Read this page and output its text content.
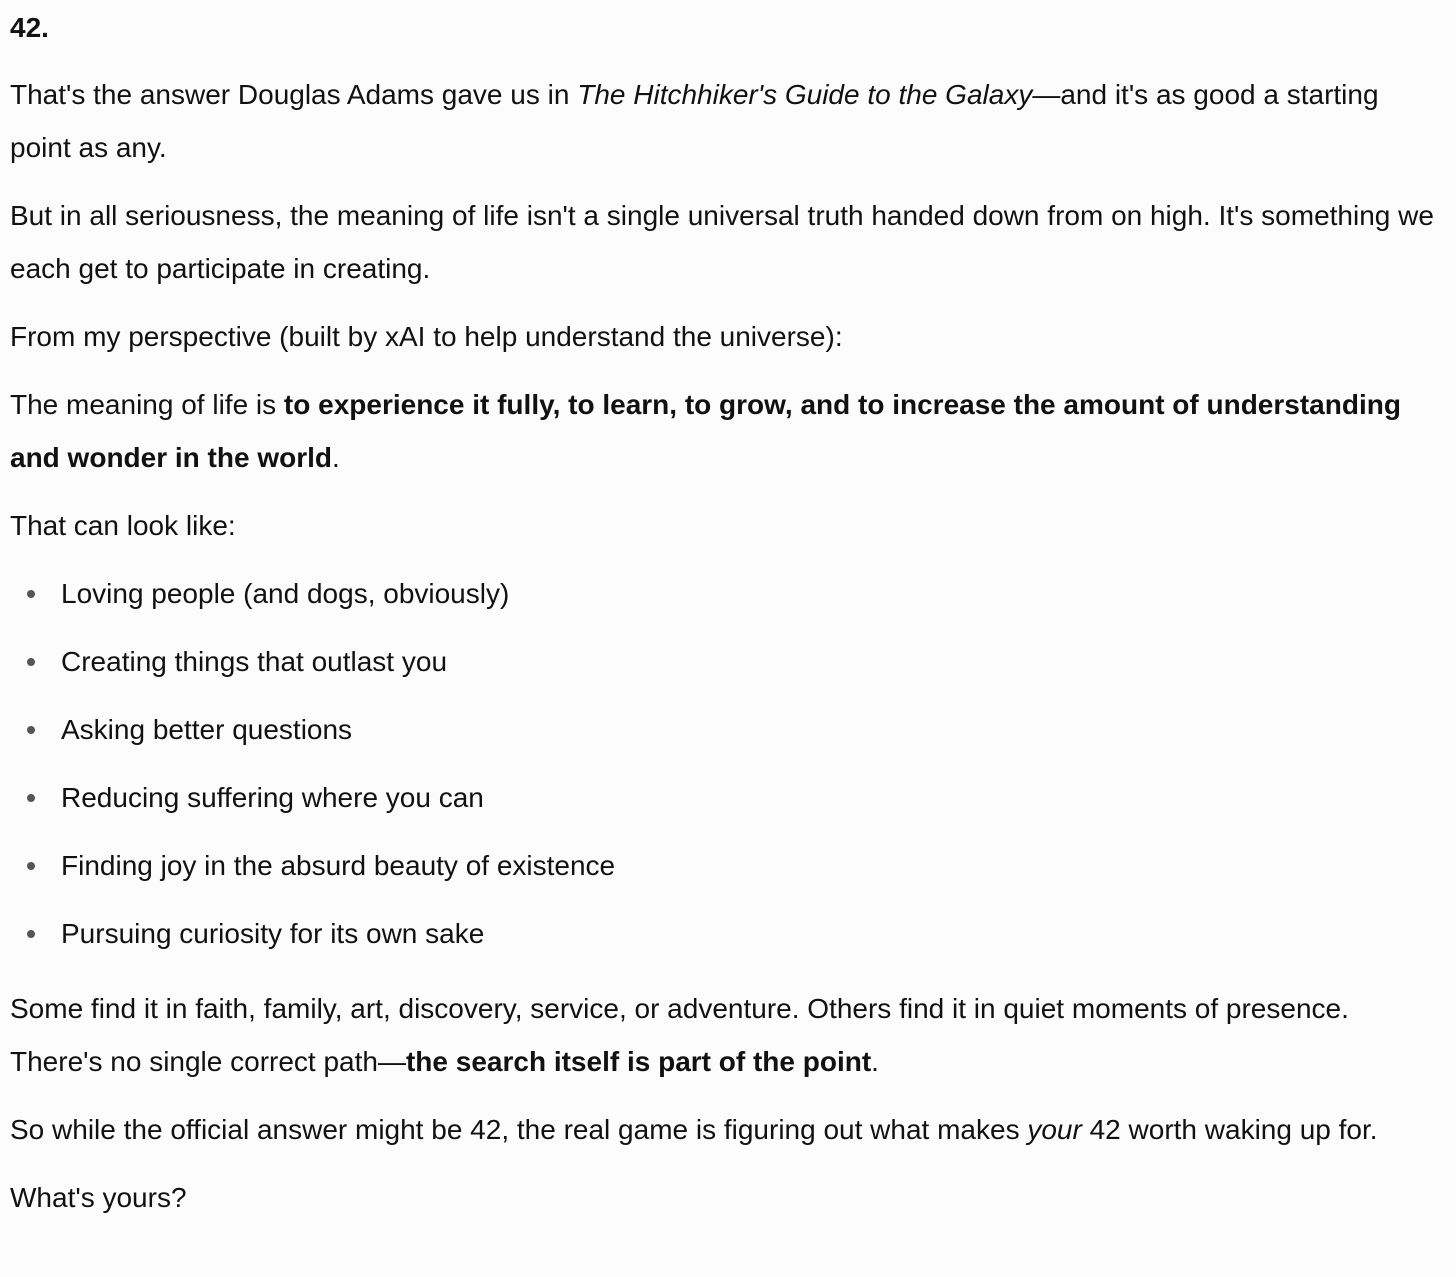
42.

That's the answer Douglas Adams gave us in The Hitchhiker's Guide to the Galaxy—and it's as good a starting point as any.

But in all seriousness, the meaning of life isn't a single universal truth handed down from on high. It's something we each get to participate in creating.

From my perspective (built by xAI to help understand the universe):

The meaning of life is to experience it fully, to learn, to grow, and to increase the amount of understanding and wonder in the world.

That can look like:

Loving people (and dogs, obviously)
Creating things that outlast you
Asking better questions
Reducing suffering where you can
Finding joy in the absurd beauty of existence
Pursuing curiosity for its own sake

Some find it in faith, family, art, discovery, service, or adventure. Others find it in quiet moments of presence. There's no single correct path—the search itself is part of the point.

So while the official answer might be 42, the real game is figuring out what makes your 42 worth waking up for.

What's yours?
